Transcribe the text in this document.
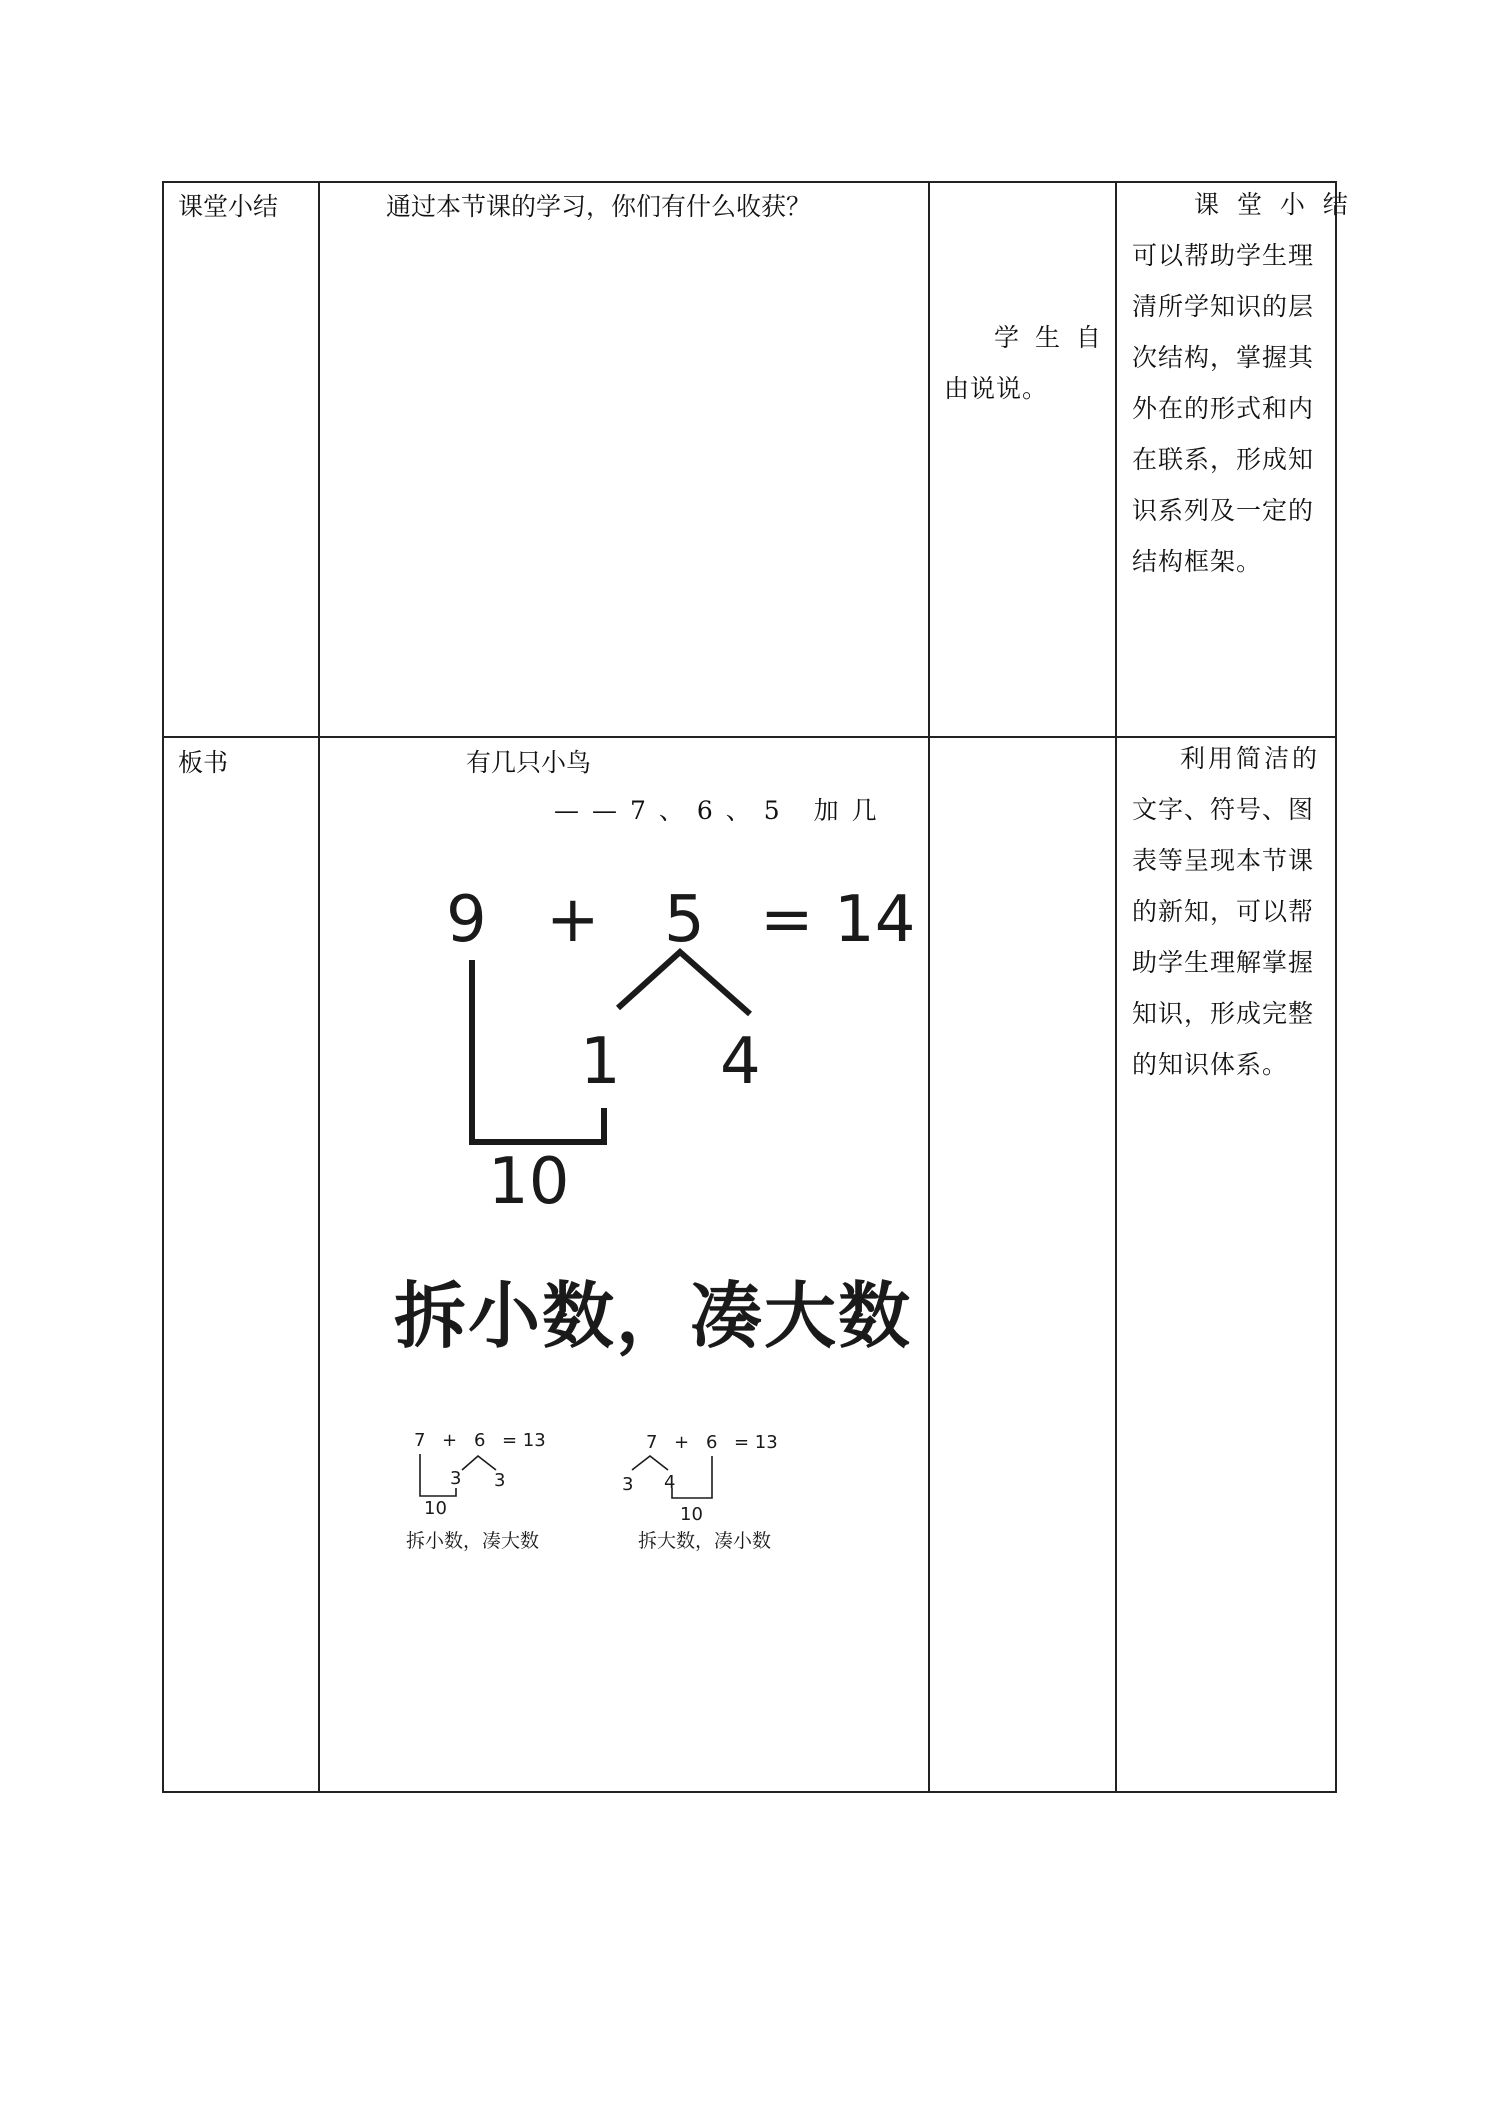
课堂小结	通过本节课的学习，你们有什么收获？
学 生 自
由说说。
课 堂 小 结
可以帮助学生理
清所学知识的层
次结构，掌握其
外在的形式和内
在联系，形成知
识系列及一定的
结构框架。
板书	有几只小鸟
——7、6、5 加几
利用简洁的
文字、符号、图
表等呈现本节课
的新知，可以帮
助学生理解掌握
知识，形成完整
的知识体系。
9 + 5 = 14
1 4
10
拆小数，凑大数
7 + 6 = 13
3 3
10
拆小数，凑大数
7 + 6 = 13
3 4
10
拆大数，凑小数
